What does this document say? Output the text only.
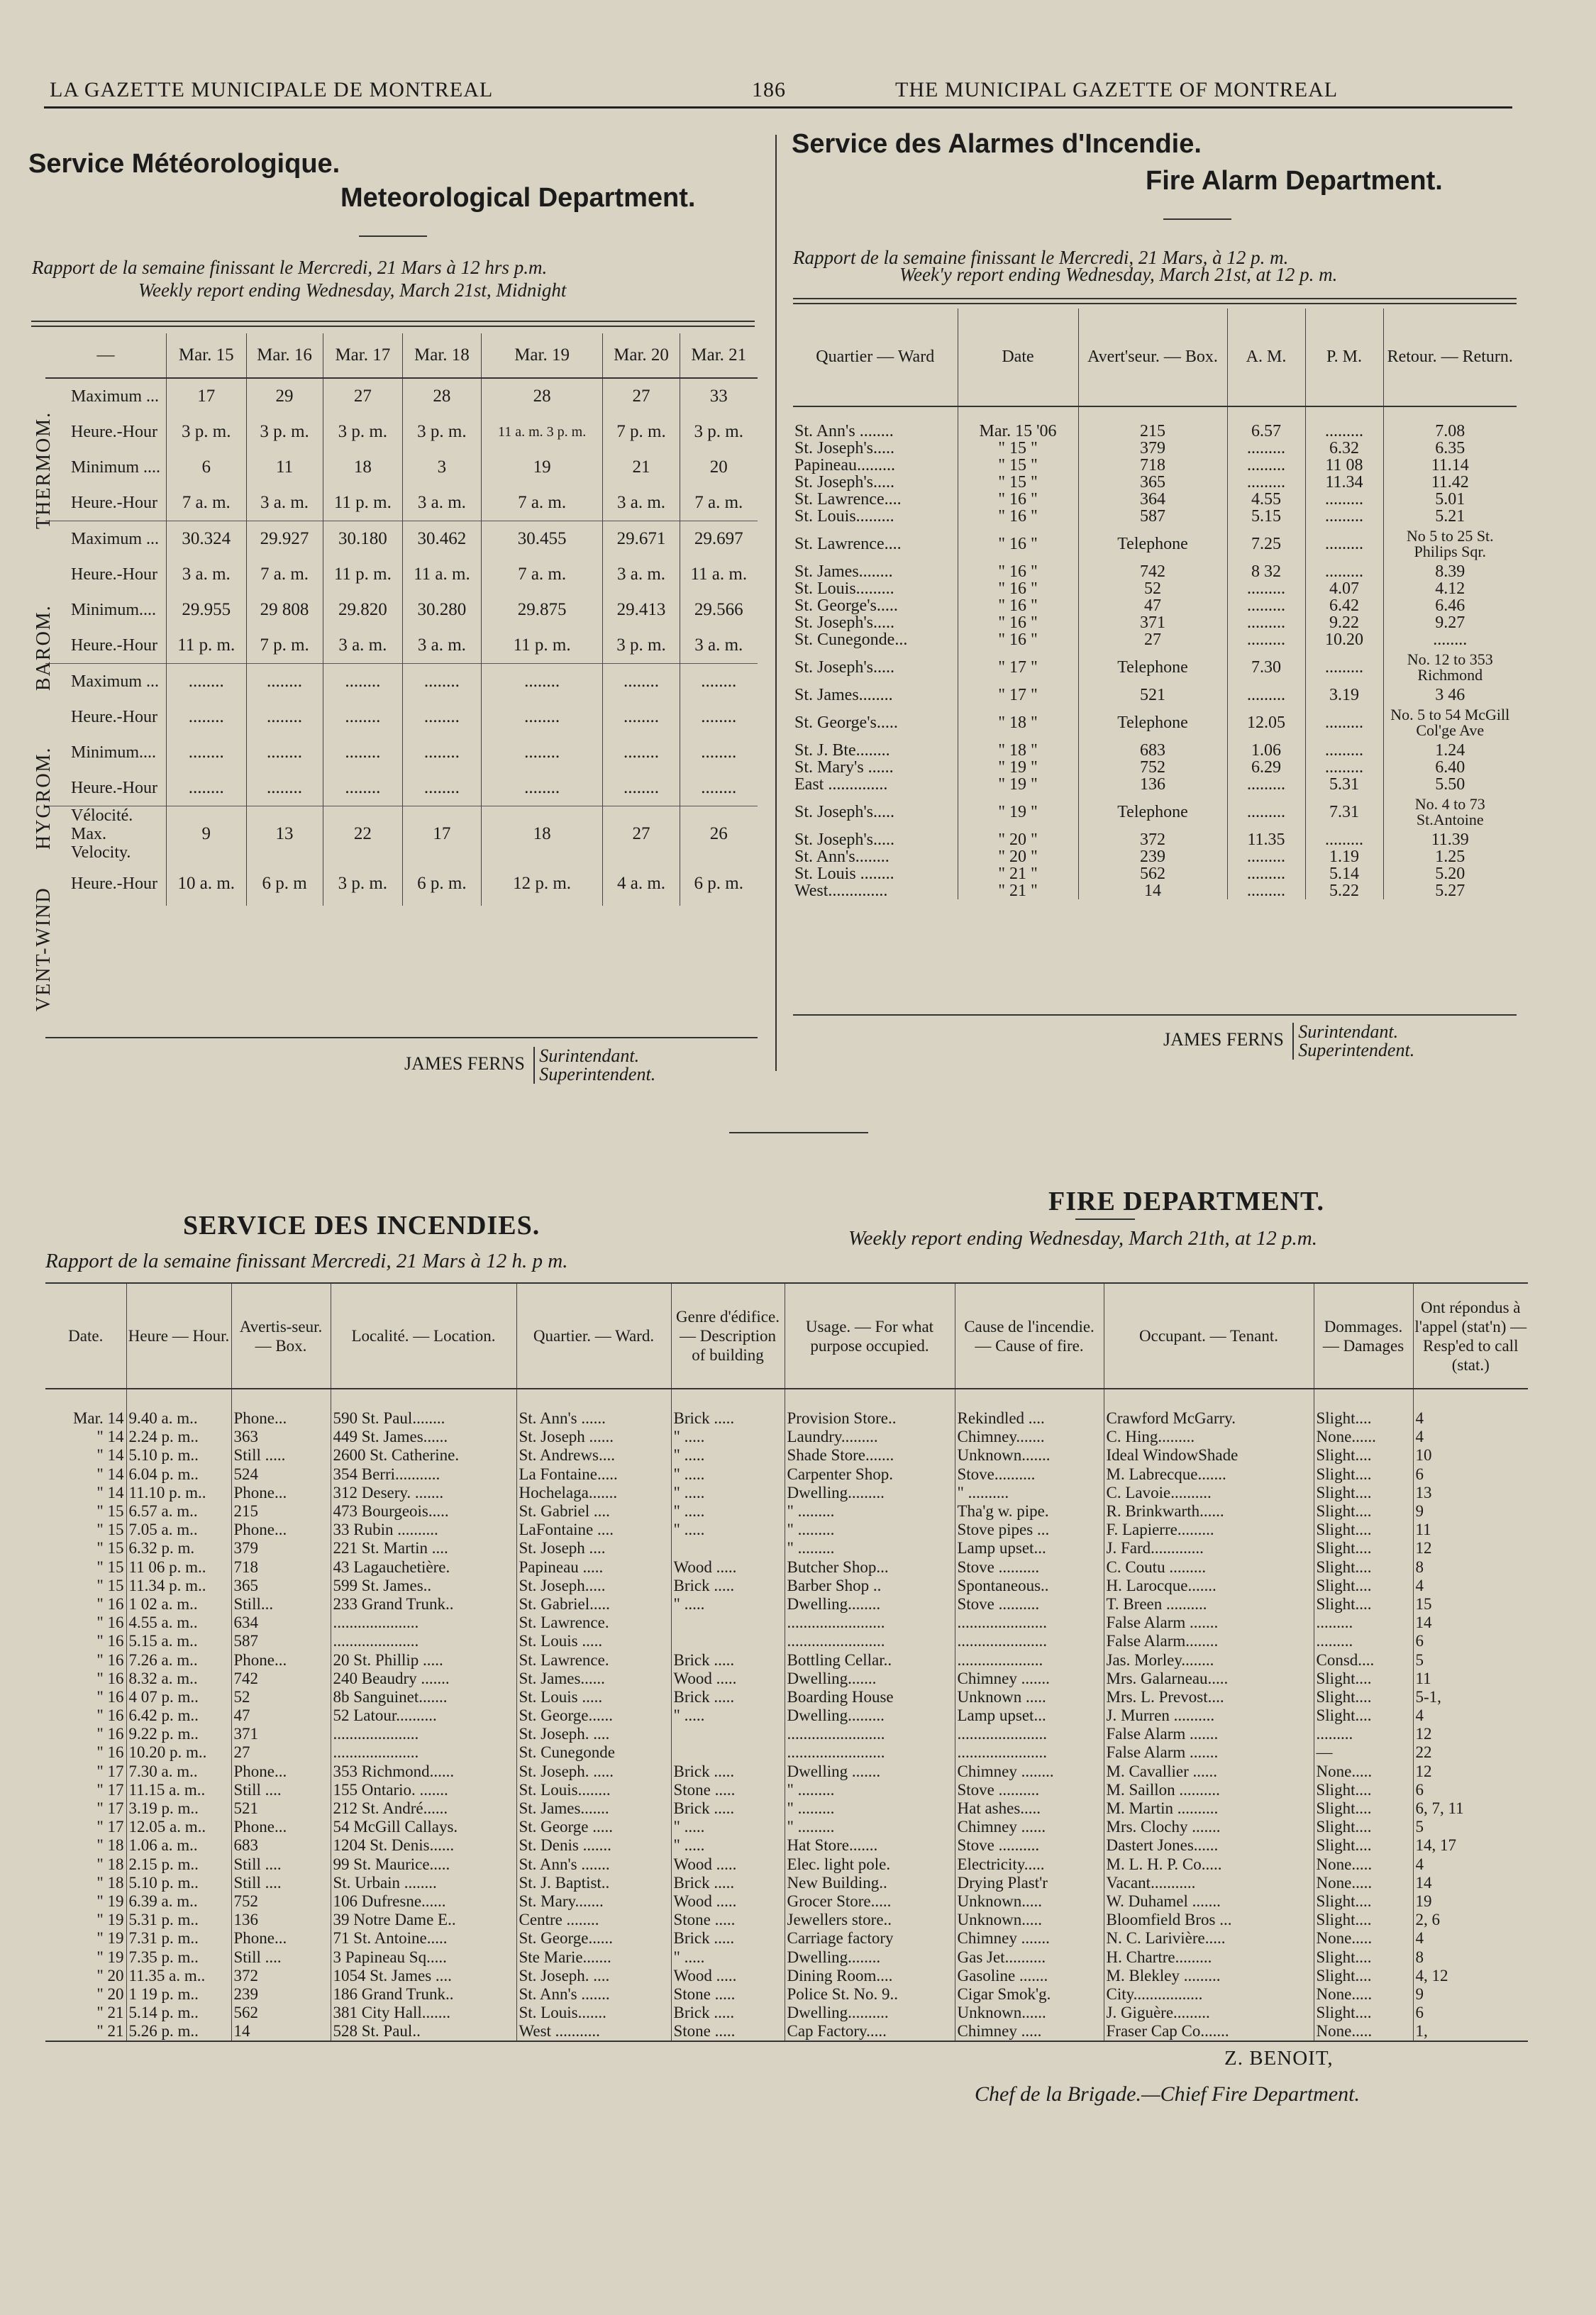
LA GAZETTE MUNICIPALE DE MONTREAL	186	THE MUNICIPAL GAZETTE OF MONTREAL
Service Météorologique.
Meteorological Department.
Rapport de la semaine finissant le Mercredi, 21 Mars à 12 hrs p.m.
Weekly report ending Wednesday, March 21st, Midnight
—	Mar. 15	Mar. 16	Mar. 17	Mar. 18	Mar. 19	Mar. 20	Mar. 21
Maximum ...	17	29	27	28	28	27	33
Heure.-Hour	3 p. m.	3 p. m.	3 p. m.	3 p. m.	11 a. m. 3 p. m.	7 p. m.	3 p. m.
Minimum ....	6	11	18	3	19	21	20
Heure.-Hour	7 a. m.	3 a. m.	11 p. m.	3 a. m.	7 a. m.	3 a. m.	7 a. m.
Maximum ...	30.324	29.927	30.180	30.462	30.455	29.671	29.697
Heure.-Hour	3 a. m.	7 a. m.	11 p. m.	11 a. m.	7 a. m.	3 a. m.	11 a. m.
Minimum....	29.955	29 808	29.820	30.280	29.875	29.413	29.566
Heure.-Hour	11 p. m.	7 p. m.	3 a. m.	3 a. m.	11 p. m.	3 p. m.	3 a. m.
Maximum ...	........	........	........	........	........	........	........
Heure.-Hour	........	........	........	........	........	........	........
Minimum....	........	........	........	........	........	........	........
Heure.-Hour	........	........	........	........	........	........	........
Vélocité. Max. Velocity.	9	13	22	17	18	27	26
Heure.-Hour	10 a. m.	6 p. m	3 p. m.	6 p. m.	12 p. m.	4 a. m.	6 p. m.
THERMOM.
BAROM.
HYGROM.
VENT-WIND
JAMES FERNS Surintendant.
Superintendent.
Service des Alarmes d'Incendie.
Fire Alarm Department.
Rapport de la semaine finissant le Mercredi, 21 Mars, à 12 p. m.
Week'y report ending Wednesday, March 21st, at 12 p. m.
Quartier — Ward	Date	Avert'seur. — Box.	A. M.	P. M.	Retour. — Return.
St. Ann's ........	Mar. 15 '06	215	6.57	.........	7.08
St. Joseph's.....	" 15 "	379	.........	6.32	6.35
Papineau.........	" 15 "	718	.........	11 08	11.14
St. Joseph's.....	" 15 "	365	.........	11.34	11.42
St. Lawrence....	" 16 "	364	4.55	.........	5.01
St. Louis.........	" 16 "	587	5.15	.........	5.21
St. Lawrence....	" 16 "	Telephone	7.25	.........	No 5 to 25 St. Philips Sqr.
St. James........	" 16 "	742	8 32	.........	8.39
St. Louis.........	" 16 "	52	.........	4.07	4.12
St. George's.....	" 16 "	47	.........	6.42	6.46
St. Joseph's.....	" 16 "	371	.........	9.22	9.27
St. Cunegonde...	" 16 "	27	.........	10.20	........
St. Joseph's.....	" 17 "	Telephone	7.30	.........	No. 12 to 353 Richmond
St. James........	" 17 "	521	.........	3.19	3 46
St. George's.....	" 18 "	Telephone	12.05	.........	No. 5 to 54 McGill Col'ge Ave
St. J. Bte........	" 18 "	683	1.06	.........	1.24
St. Mary's ......	" 19 "	752	6.29	.........	6.40
East ..............	" 19 "	136	.........	5.31	5.50
St. Joseph's.....	" 19 "	Telephone	.........	7.31	No. 4 to 73 St.Antoine
St. Joseph's.....	" 20 "	372	11.35	.........	11.39
St. Ann's........	" 20 "	239	.........	1.19	1.25
St. Louis ........	" 21 "	562	.........	5.14	5.20
West..............	" 21 "	14	.........	5.22	5.27
JAMES FERNS Surintendant.
Superintendent.
SERVICE DES INCENDIES.
FIRE DEPARTMENT.
Rapport de la semaine finissant Mercredi, 21 Mars à 12 h. p m.
Weekly report ending Wednesday, March 21th, at 12 p.m.
Date.	Heure — Hour.	Avertis-seur. — Box.	Localité. — Location.	Quartier. — Ward.	Genre d'édifice. — Description of building	Usage. — For what purpose occupied.	Cause de l'incendie. — Cause of fire.	Occupant. — Tenant.	Dommages. — Damages	Ont répondus à l'appel (stat'n) — Resp'ed to call (stat.)
Mar. 14	9.40 a. m..	Phone...	590 St. Paul........	St. Ann's ......	Brick .....	Provision Store..	Rekindled ....	Crawford McGarry.	Slight....	4
" 14	2.24 p. m..	363	449 St. James......	St. Joseph ......	" .....	Laundry.........	Chimney.......	C. Hing.........	None......	4
" 14	5.10 p. m..	Still .....	2600 St. Catherine.	St. Andrews....	" .....	Shade Store.......	Unknown.......	Ideal WindowShade	Slight....	10
" 14	6.04 p. m..	524	354 Berri...........	La Fontaine.....	" .....	Carpenter Shop.	Stove..........	M. Labrecque.......	Slight....	6
" 14	11.10 p. m..	Phone...	312 Desery. .......	Hochelaga.......	" .....	Dwelling.........	" ..........	C. Lavoie..........	Slight....	13
" 15	6.57 a. m..	215	473 Bourgeois.....	St. Gabriel ....	" .....	" .........	Tha'g w. pipe.	R. Brinkwarth......	Slight....	9
" 15	7.05 a. m..	Phone...	33 Rubin ..........	LaFontaine ....	" .....	" .........	Stove pipes ...	F. Lapierre.........	Slight....	11
" 15	6.32 p. m.	379	221 St. Martin ....	St. Joseph ....		" .........	Lamp upset...	J. Fard.............	Slight....	12
" 15	11 06 p. m..	718	43 Lagauchetière.	Papineau .....	Wood .....	Butcher Shop...	Stove ..........	C. Coutu .........	Slight....	8
" 15	11.34 p. m..	365	599 St. James..	St. Joseph.....	Brick .....	Barber Shop ..	Spontaneous..	H. Larocque.......	Slight....	4
" 16	1 02 a. m..	Still...	233 Grand Trunk..	St. Gabriel.....	" .....	Dwelling........	Stove ..........	T. Breen ..........	Slight....	15
" 16	4.55 a. m..	634	.....................	St. Lawrence.		........................	......................	False Alarm .......	.........	14
" 16	5.15 a. m..	587	.....................	St. Louis .....		........................	......................	False Alarm........	.........	6
" 16	7.26 a. m..	Phone...	20 St. Phillip .....	St. Lawrence.	Brick .....	Bottling Cellar..	.....................	Jas. Morley........	Consd....	5
" 16	8.32 a. m..	742	240 Beaudry .......	St. James......	Wood .....	Dwelling.......	Chimney .......	Mrs. Galarneau.....	Slight....	11
" 16	4 07 p. m..	52	8b Sanguinet.......	St. Louis .....	Brick .....	Boarding House	Unknown .....	Mrs. L. Prevost....	Slight....	5-1,
" 16	6.42 p. m..	47	52 Latour..........	St. George......	" .....	Dwelling.........	Lamp upset...	J. Murren ..........	Slight....	4
" 16	9.22 p. m..	371	.....................	St. Joseph. ....		........................	......................	False Alarm .......	.........	12
" 16	10.20 p. m..	27	.....................	St. Cunegonde		........................	......................	False Alarm .......	—	22
" 17	7.30 a. m..	Phone...	353 Richmond......	St. Joseph. .....	Brick .....	Dwelling .......	Chimney ........	M. Cavallier ......	None.....	12
" 17	11.15 a. m..	Still ....	155 Ontario. .......	St. Louis........	Stone .....	" .........	Stove ..........	M. Saillon ..........	Slight....	6
" 17	3.19 p. m..	521	212 St. André......	St. James.......	Brick .....	" .........	Hat ashes.....	M. Martin ..........	Slight....	6, 7, 11
" 17	12.05 a. m..	Phone...	54 McGill Callays.	St. George .....	" .....	" .........	Chimney ......	Mrs. Clochy .......	Slight....	5
" 18	1.06 a. m..	683	1204 St. Denis......	St. Denis .......	" .....	Hat Store.......	Stove ..........	Dastert Jones......	Slight....	14, 17
" 18	2.15 p. m..	Still ....	99 St. Maurice.....	St. Ann's .......	Wood .....	Elec. light pole.	Electricity.....	M. L. H. P. Co.....	None.....	4
" 18	5.10 p. m..	Still ....	St. Urbain ........	St. J. Baptist..	Brick .....	New Building..	Drying Plast'r	Vacant...........	None.....	14
" 19	6.39 a. m..	752	106 Dufresne......	St. Mary.......	Wood .....	Grocer Store.....	Unknown.....	W. Duhamel .......	Slight....	19
" 19	5.31 p. m..	136	39 Notre Dame E..	Centre ........	Stone .....	Jewellers store..	Unknown.....	Bloomfield Bros ...	Slight....	2, 6
" 19	7.31 p. m..	Phone...	71 St. Antoine.....	St. George......	Brick .....	Carriage factory	Chimney .......	N. C. Larivière.....	None.....	4
" 19	7.35 p. m..	Still ....	3 Papineau Sq.....	Ste Marie.......	" .....	Dwelling........	Gas Jet..........	H. Chartre.........	Slight....	8
" 20	11.35 a. m..	372	1054 St. James ....	St. Joseph. ....	Wood .....	Dining Room....	Gasoline .......	M. Blekley .........	Slight....	4, 12
" 20	1 19 p. m..	239	186 Grand Trunk..	St. Ann's .......	Stone .....	Police St. No. 9..	Cigar Smok'g.	City.................	None.....	9
" 21	5.14 p. m..	562	381 City Hall.......	St. Louis.......	Brick .....	Dwelling..........	Unknown......	J. Giguère.........	Slight....	6
" 21	5.26 p. m..	14	528 St. Paul..	West ...........	Stone .....	Cap Factory.....	Chimney .....	Fraser Cap Co.......	None.....	1,
Z. BENOIT,
Chef de la Brigade.—Chief Fire Department.
